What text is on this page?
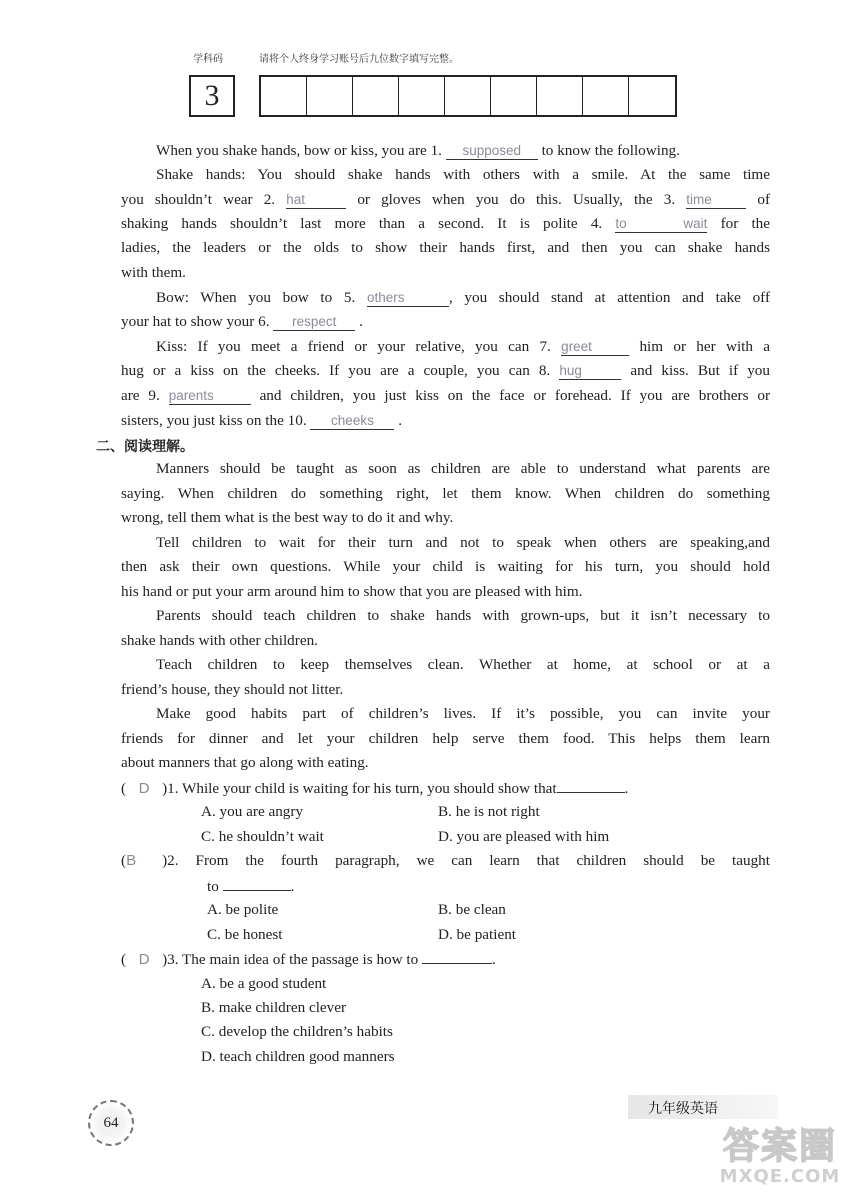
学科码	请将个人终身学习账号后九位数字填写完整。
3
When you shake hands, bow or kiss, you are 1. supposed to know the following.
Shake hands: You should shake hands with others with a smile. At the same time
you shouldn’t wear 2. hat	or gloves when you do this. Usually, the 3. time	of
shaking hands shouldn’t last more than a second. It is polite 4. to wait for the
ladies, the leaders or the olds to show their hands first, and then you can shake hands
with them.
Bow: When you bow to 5. others	, you should stand at attention and take off
your hat to show your 6. respect .
Kiss: If you meet a friend or your relative, you can 7. greet	him or her with a
hug or a kiss on the cheeks. If you are a couple, you can 8. hug	and kiss. But if you
are 9. parents	and children, you just kiss on the face or forehead. If you are brothers or
sisters, you just kiss on the 10. cheeks .
二、阅读理解。
Manners should be taught as soon as children are able to understand what parents are
saying. When children do something right, let them know. When children do something
wrong, tell them what is the best way to do it and why.
Tell children to wait for their turn and not to speak when others are speaking,and
then ask their own questions. While your child is waiting for his turn, you should hold
his hand or put your arm around him to show that you are pleased with him.
Parents should teach children to shake hands with grown-ups, but it isn’t necessary to
shake hands with other children.
Teach children to keep themselves clean. Whether at home, at school or at a
friend’s house, they should not litter.
Make good habits part of children’s lives. If it’s possible, you can invite your
friends for dinner and let your children help serve them food. This helps them learn
about manners that go along with eating.
( D )1. While your child is waiting for his turn, you should show that	.
A. you are angry	B. he is not right
C. he shouldn’t wait	D. you are pleased with him
(B )2. From the fourth paragraph, we can learn that children should be taught
to	.
A. be polite	B. be clean
C. be honest	D. be patient
( D )3. The main idea of the passage is how to	.
A. be a good student
B. make children clever
C. develop the children’s habits
D. teach children good manners
64
九年级英语
答案圈
MXQE.COM
